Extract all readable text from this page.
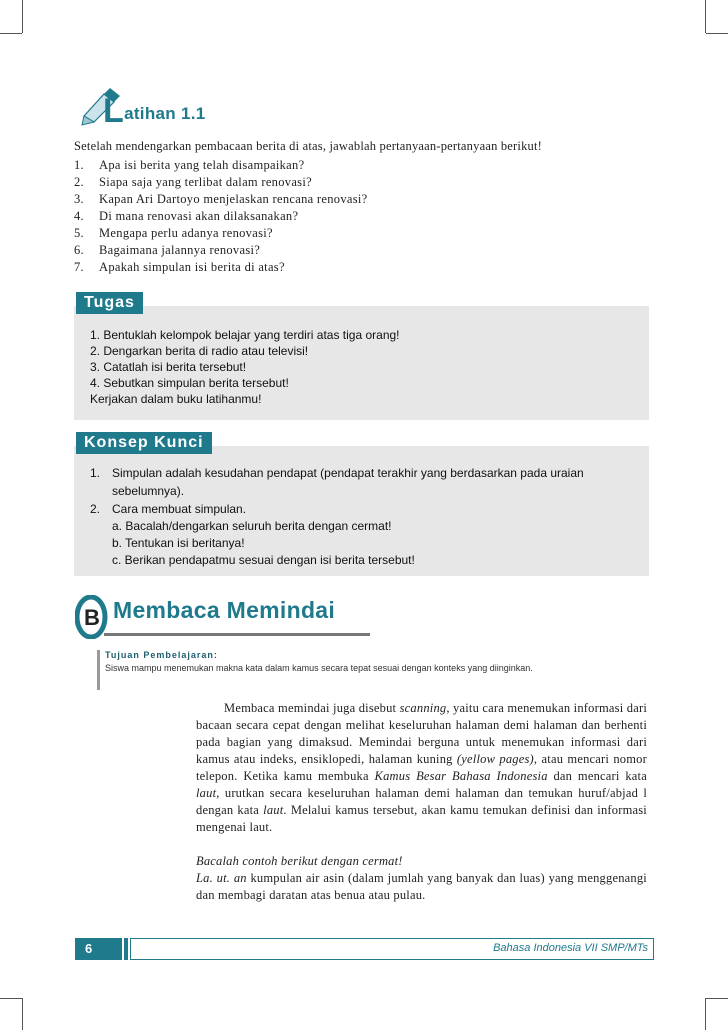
Latihan 1.1
Setelah mendengarkan pembacaan berita di atas, jawablah pertanyaan-pertanyaan berikut!
1. Apa isi berita yang telah disampaikan?
2. Siapa saja yang terlibat dalam renovasi?
3. Kapan Ari Dartoyo menjelaskan rencana renovasi?
4. Di mana renovasi akan dilaksanakan?
5. Mengapa perlu adanya renovasi?
6. Bagaimana jalannya renovasi?
7. Apakah simpulan isi berita di atas?
1. Bentuklah kelompok belajar yang terdiri atas tiga orang!
2. Dengarkan berita di radio atau televisi!
3. Catatlah isi berita tersebut!
4. Sebutkan simpulan berita tersebut!
Kerjakan dalam buku latihanmu!
Tugas
1. Simpulan adalah kesudahan pendapat (pendapat terakhir yang berdasarkan pada uraian
sebelumnya).
2. Cara membuat simpulan.
a. Bacalah/dengarkan seluruh berita dengan cermat!
b. Tentukan isi beritanya!
c. Berikan pendapatmu sesuai dengan isi berita tersebut!
Konsep Kunci
B Membaca Memindai
Tujuan Pembelajaran:
Siswa mampu menemukan makna kata dalam kamus secara tepat sesuai dengan konteks yang diinginkan.

Membaca memindai juga disebut scanning, yaitu cara menemukan informasi dari bacaan secara cepat dengan melihat keseluruhan halaman demi halaman dan berhenti pada bagian yang dimaksud. Memindai berguna untuk menemukan informasi dari kamus atau indeks, ensiklopedi, halaman kuning (yellow pages), atau mencari nomor telepon. Ketika kamu membuka Kamus Besar Bahasa Indonesia dan mencari kata laut, urutkan secara keseluruhan halaman demi halaman dan temukan huruf/abjad l dengan kata laut. Melalui kamus tersebut, akan kamu temukan definisi dan informasi mengenai laut.

Bacalah contoh berikut dengan cermat!

La. ut. an kumpulan air asin (dalam jumlah yang banyak dan luas) yang menggenangi dan membagi daratan atas benua atau pulau.

6	Bahasa Indonesia VII SMP/MTs
